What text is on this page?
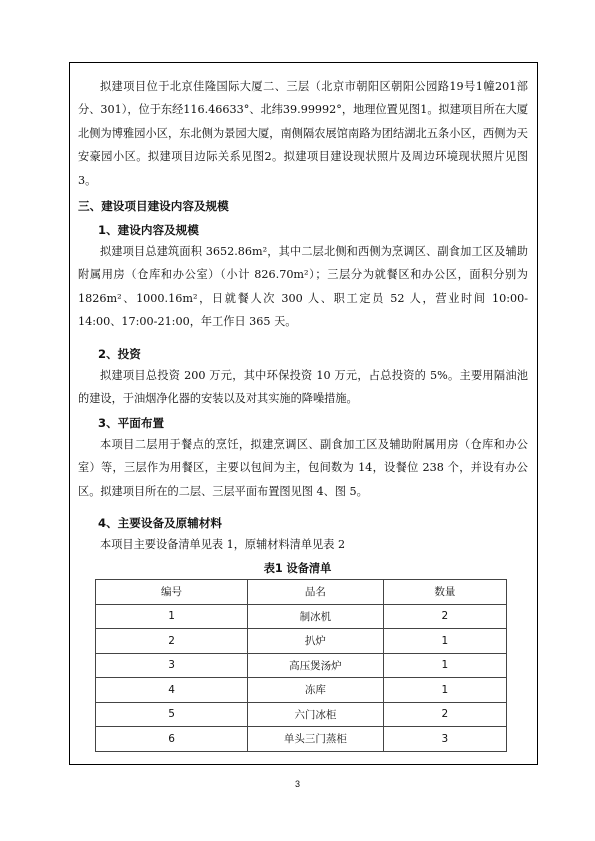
拟建项目位于北京佳隆国际大厦二、三层（北京市朝阳区朝阳公园路19号1幢201部分、301），位于东经116.46633°、北纬39.99992°，地理位置见图1。拟建项目所在大厦北侧为博雅园小区，东北侧为景园大厦，南侧隔农展馆南路为团结湖北五条小区，西侧为天安豪园小区。拟建项目边际关系见图2。拟建项目建设现状照片及周边环境现状照片见图3。
三、建设项目建设内容及规模
1、建设内容及规模
拟建项目总建筑面积 3652.86m²，其中二层北侧和西侧为烹调区、副食加工区及辅助附属用房（仓库和办公室）（小计 826.70m²）；三层分为就餐区和办公区，面积分别为 1826m²、1000.16m²，日就餐人次 300 人、职工定员 52 人，营业时间 10:00-14:00、17:00-21:00，年工作日 365 天。
2、投资
拟建项目总投资 200 万元，其中环保投资 10 万元，占总投资的 5%。主要用隔油池的建设，于油烟净化器的安装以及对其实施的降噪措施。
3、平面布置
本项目二层用于餐点的烹饪，拟建烹调区、副食加工区及辅助附属用房（仓库和办公室）等，三层作为用餐区，主要以包间为主，包间数为 14，设餐位 238 个，并设有办公区。拟建项目所在的二层、三层平面布置图见图 4、图 5。
4、主要设备及原辅材料
本项目主要设备清单见表 1，原辅材料清单见表 2
表1 设备清单
编号	品名	数量
1	制冰机	2
2	扒炉	1
3	高压煲汤炉	1
4	冻库	1
5	六门冰柜	2
6	单头三门蒸柜	3
3
